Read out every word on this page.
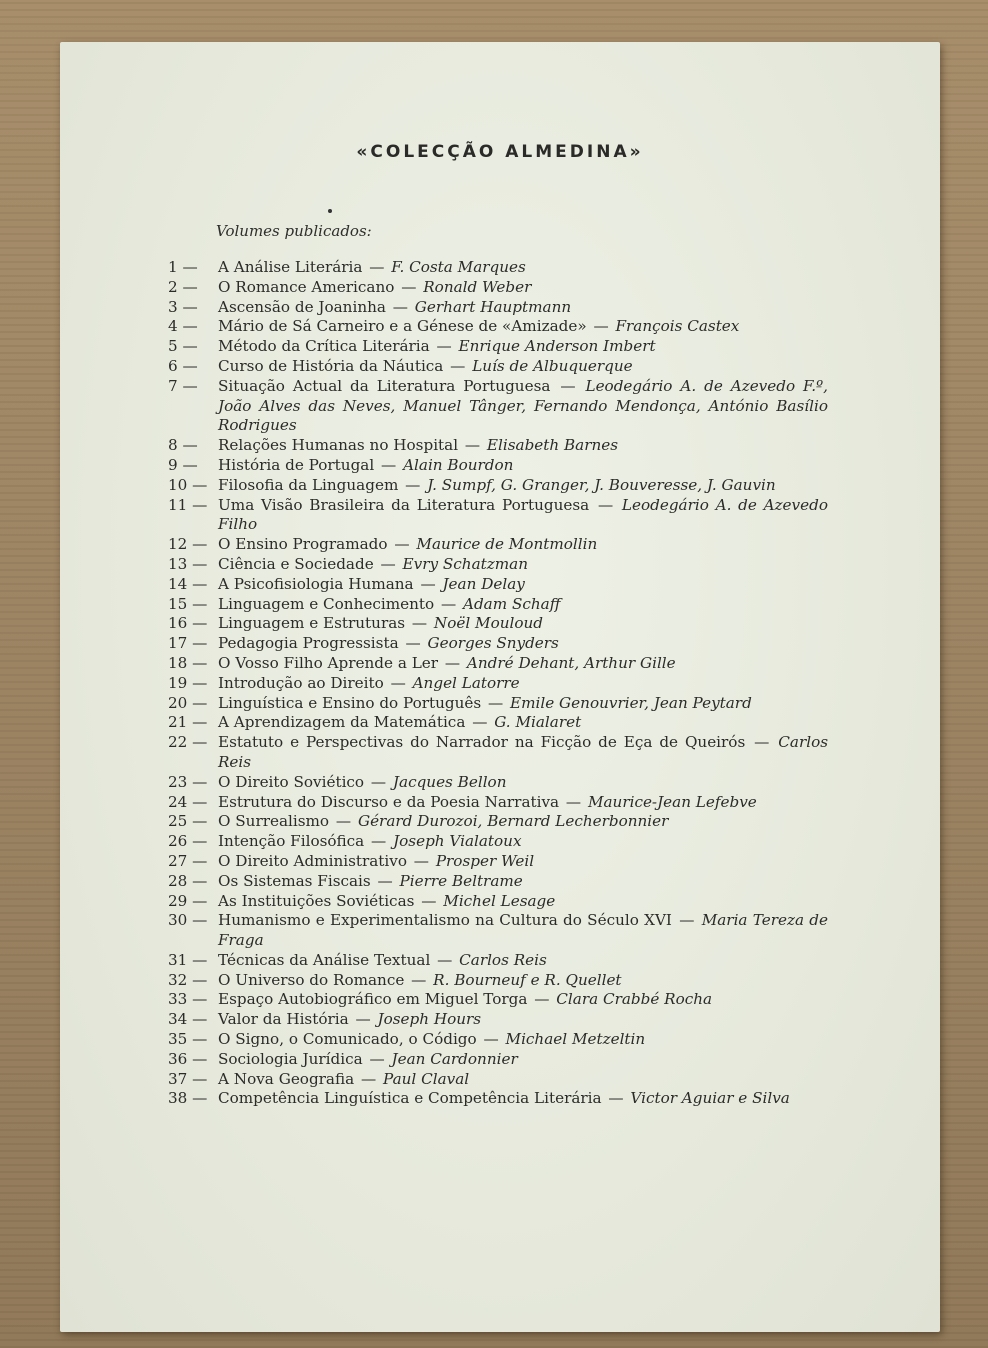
«COLECÇÃO ALMEDINA»
Volumes publicados:
1 —	A Análise Literária — F. Costa Marques
2 —	O Romance Americano — Ronald Weber
3 —	Ascensão de Joaninha — Gerhart Hauptmann
4 —	Mário de Sá Carneiro e a Génese de «Amizade» — François Castex
5 —	Método da Crítica Literária — Enrique Anderson Imbert
6 —	Curso de História da Náutica — Luís de Albuquerque
7 —	Situação Actual da Literatura Portuguesa — Leodegário A. de Azevedo F.º, João Alves das Neves, Manuel Tânger, Fernando Mendonça, António Basílio Rodrigues
8 —	Relações Humanas no Hospital — Elisabeth Barnes
9 —	História de Portugal — Alain Bourdon
10 — Filosofia da Linguagem — J. Sumpf, G. Granger, J. Bouveresse, J. Gauvin
11 — Uma Visão Brasileira da Literatura Portuguesa — Leodegário A. de Azevedo Filho
12 — O Ensino Programado — Maurice de Montmollin
13 — Ciência e Sociedade — Evry Schatzman
14 — A Psicofisiologia Humana — Jean Delay
15 — Linguagem e Conhecimento — Adam Schaff
16 — Linguagem e Estruturas — Noël Mouloud
17 — Pedagogia Progressista — Georges Snyders
18 — O Vosso Filho Aprende a Ler — André Dehant, Arthur Gille
19 — Introdução ao Direito — Angel Latorre
20 — Linguística e Ensino do Português — Emile Genouvrier, Jean Peytard
21 — A Aprendizagem da Matemática — G. Mialaret
22 — Estatuto e Perspectivas do Narrador na Ficção de Eça de Queirós — Carlos Reis
23 — O Direito Soviético — Jacques Bellon
24 — Estrutura do Discurso e da Poesia Narrativa — Maurice-Jean Lefebve
25 — O Surrealismo — Gérard Durozoi, Bernard Lecherbonnier
26 — Intenção Filosófica — Joseph Vialatoux
27 — O Direito Administrativo — Prosper Weil
28 — Os Sistemas Fiscais — Pierre Beltrame
29 — As Instituições Soviéticas — Michel Lesage
30 — Humanismo e Experimentalismo na Cultura do Século XVI — Maria Tereza de Fraga
31 — Técnicas da Análise Textual — Carlos Reis
32 — O Universo do Romance — R. Bourneuf e R. Quellet
33 — Espaço Autobiográfico em Miguel Torga — Clara Crabbé Rocha
34 — Valor da História — Joseph Hours
35 — O Signo, o Comunicado, o Código — Michael Metzeltin
36 — Sociologia Jurídica — Jean Cardonnier
37 — A Nova Geografia — Paul Claval
38 — Competência Linguística e Competência Literária — Victor Aguiar e Silva
